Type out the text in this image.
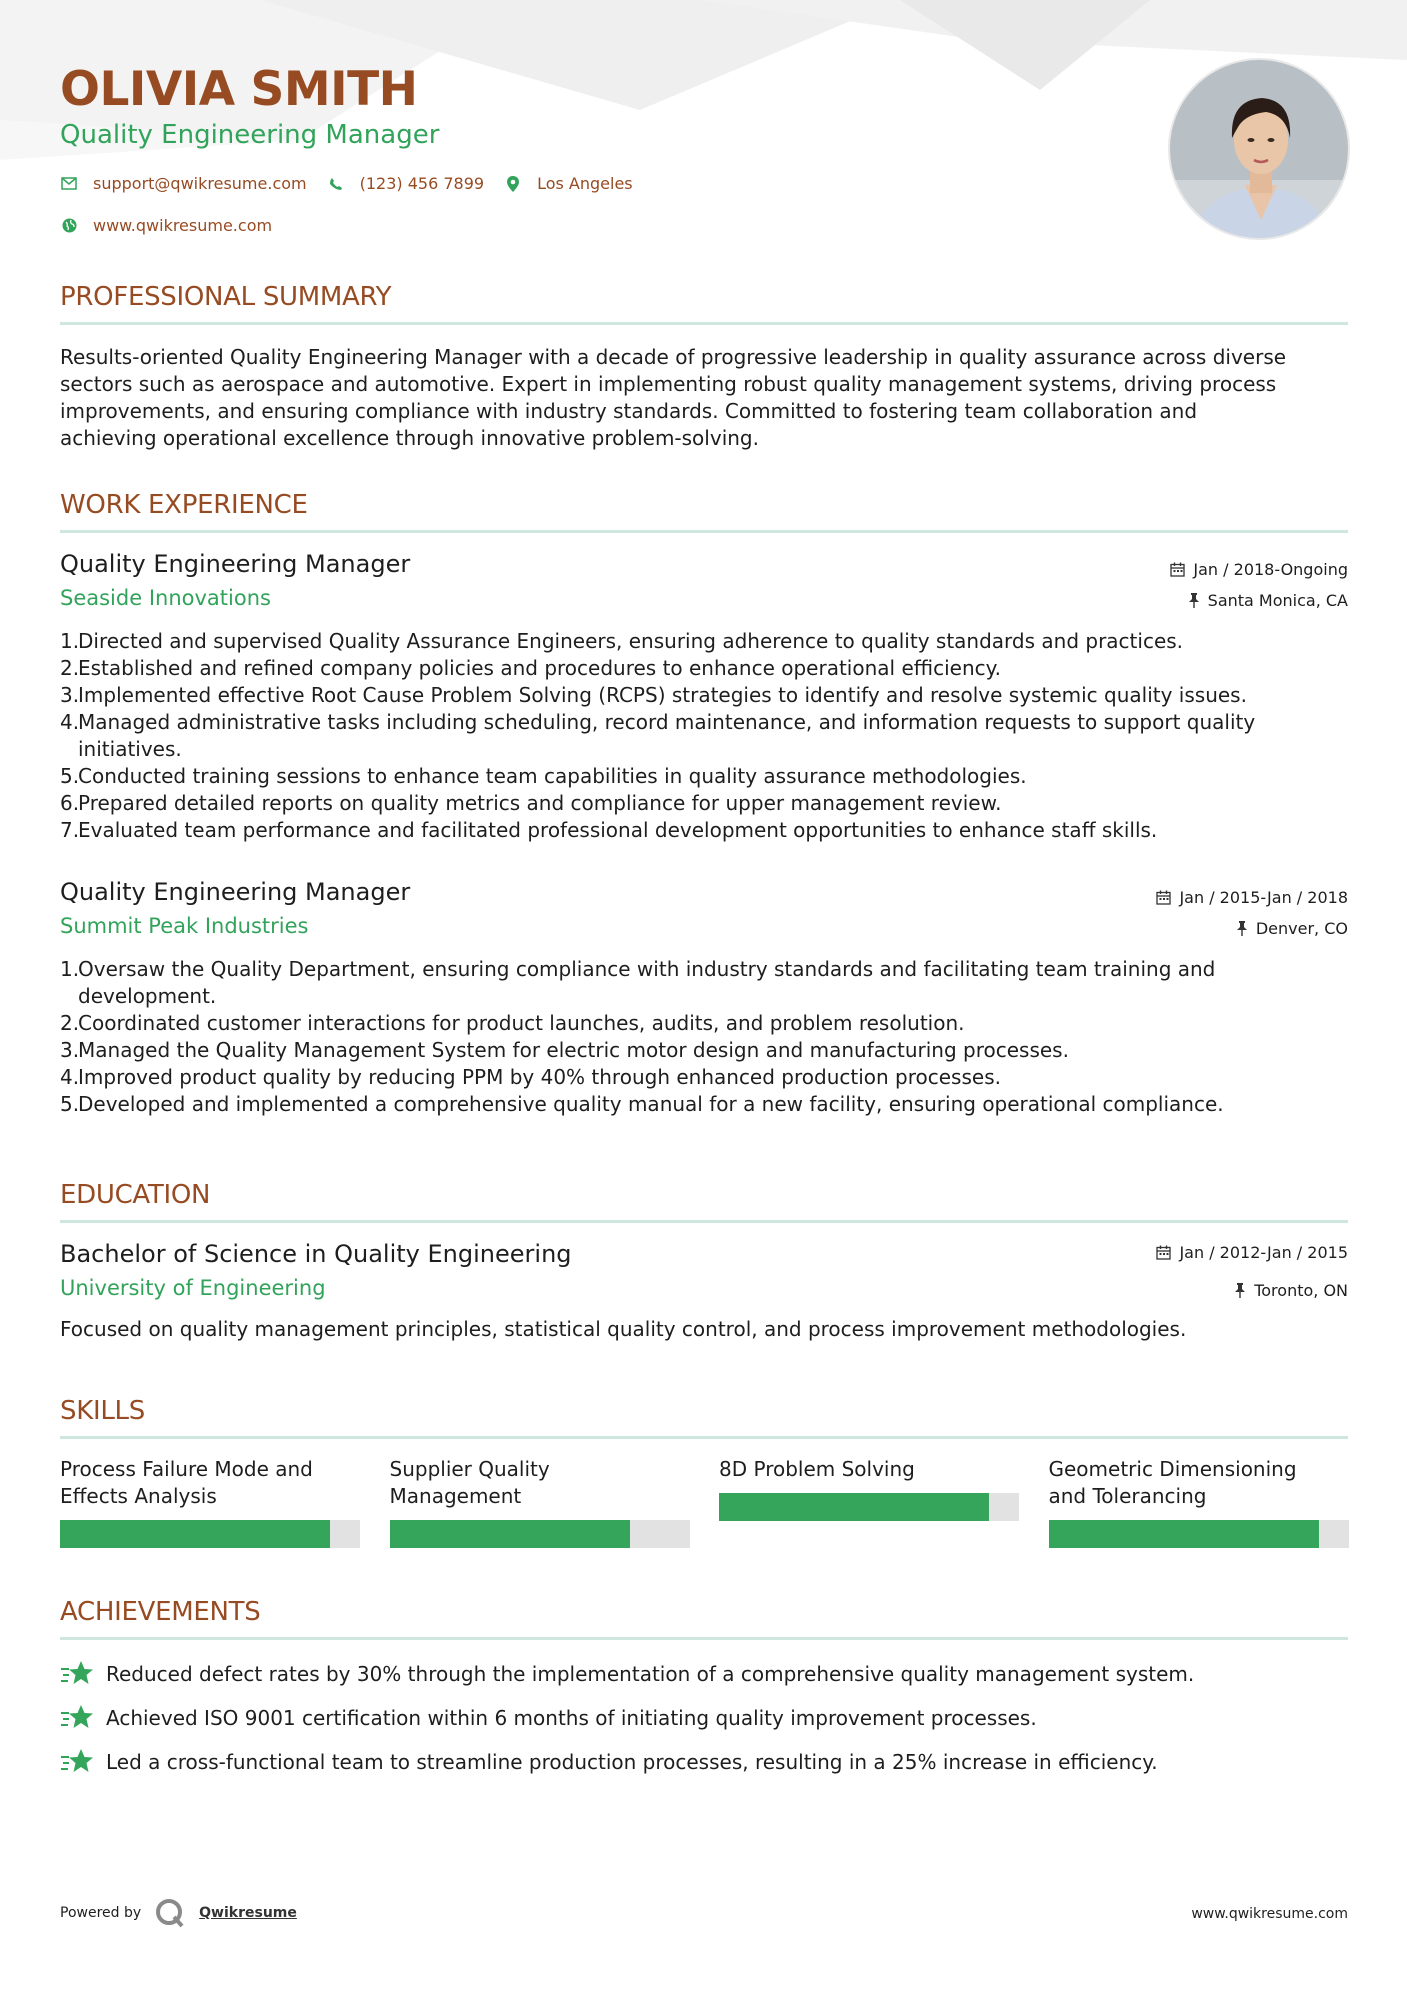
OLIVIA SMITH
Quality Engineering Manager
support@qwikresume.com	(123) 456 7899	Los Angeles
www.qwikresume.com
PROFESSIONAL SUMMARY
Results-oriented Quality Engineering Manager with a decade of progressive leadership in quality assurance across diverse
sectors such as aerospace and automotive. Expert in implementing robust quality management systems, driving process
improvements, and ensuring compliance with industry standards. Committed to fostering team collaboration and
achieving operational excellence through innovative problem-solving.
WORK EXPERIENCE
Quality Engineering Manager
Seaside Innovations
Jan / 2018-Ongoing
Santa Monica, CA
1.
Directed and supervised Quality Assurance Engineers, ensuring adherence to quality standards and practices.
2.
Established and refined company policies and procedures to enhance operational efficiency.
3.
Implemented effective Root Cause Problem Solving (RCPS) strategies to identify and resolve systemic quality issues.
4.
Managed administrative tasks including scheduling, record maintenance, and information requests to support quality
initiatives.
5.
Conducted training sessions to enhance team capabilities in quality assurance methodologies.
6.
Prepared detailed reports on quality metrics and compliance for upper management review.
7.
Evaluated team performance and facilitated professional development opportunities to enhance staff skills.
Quality Engineering Manager
Summit Peak Industries
Jan / 2015-Jan / 2018
Denver, CO
1.
Oversaw the Quality Department, ensuring compliance with industry standards and facilitating team training and
development.
2.
Coordinated customer interactions for product launches, audits, and problem resolution.
3.
Managed the Quality Management System for electric motor design and manufacturing processes.
4.
Improved product quality by reducing PPM by 40% through enhanced production processes.
5.
Developed and implemented a comprehensive quality manual for a new facility, ensuring operational compliance.
EDUCATION
Bachelor of Science in Quality Engineering
University of Engineering
Jan / 2012-Jan / 2015
Toronto, ON
Focused on quality management principles, statistical quality control, and process improvement methodologies.
SKILLS
Process Failure Mode and
Effects Analysis
Supplier Quality
Management
8D Problem Solving	Geometric Dimensioning
and Tolerancing
ACHIEVEMENTS
Reduced defect rates by 30% through the implementation of a comprehensive quality management system.
Achieved ISO 9001 certification within 6 months of initiating quality improvement processes.
Led a cross-functional team to streamline production processes, resulting in a 25% increase in efficiency.
Powered by	Qwikresume	www.qwikresume.com
